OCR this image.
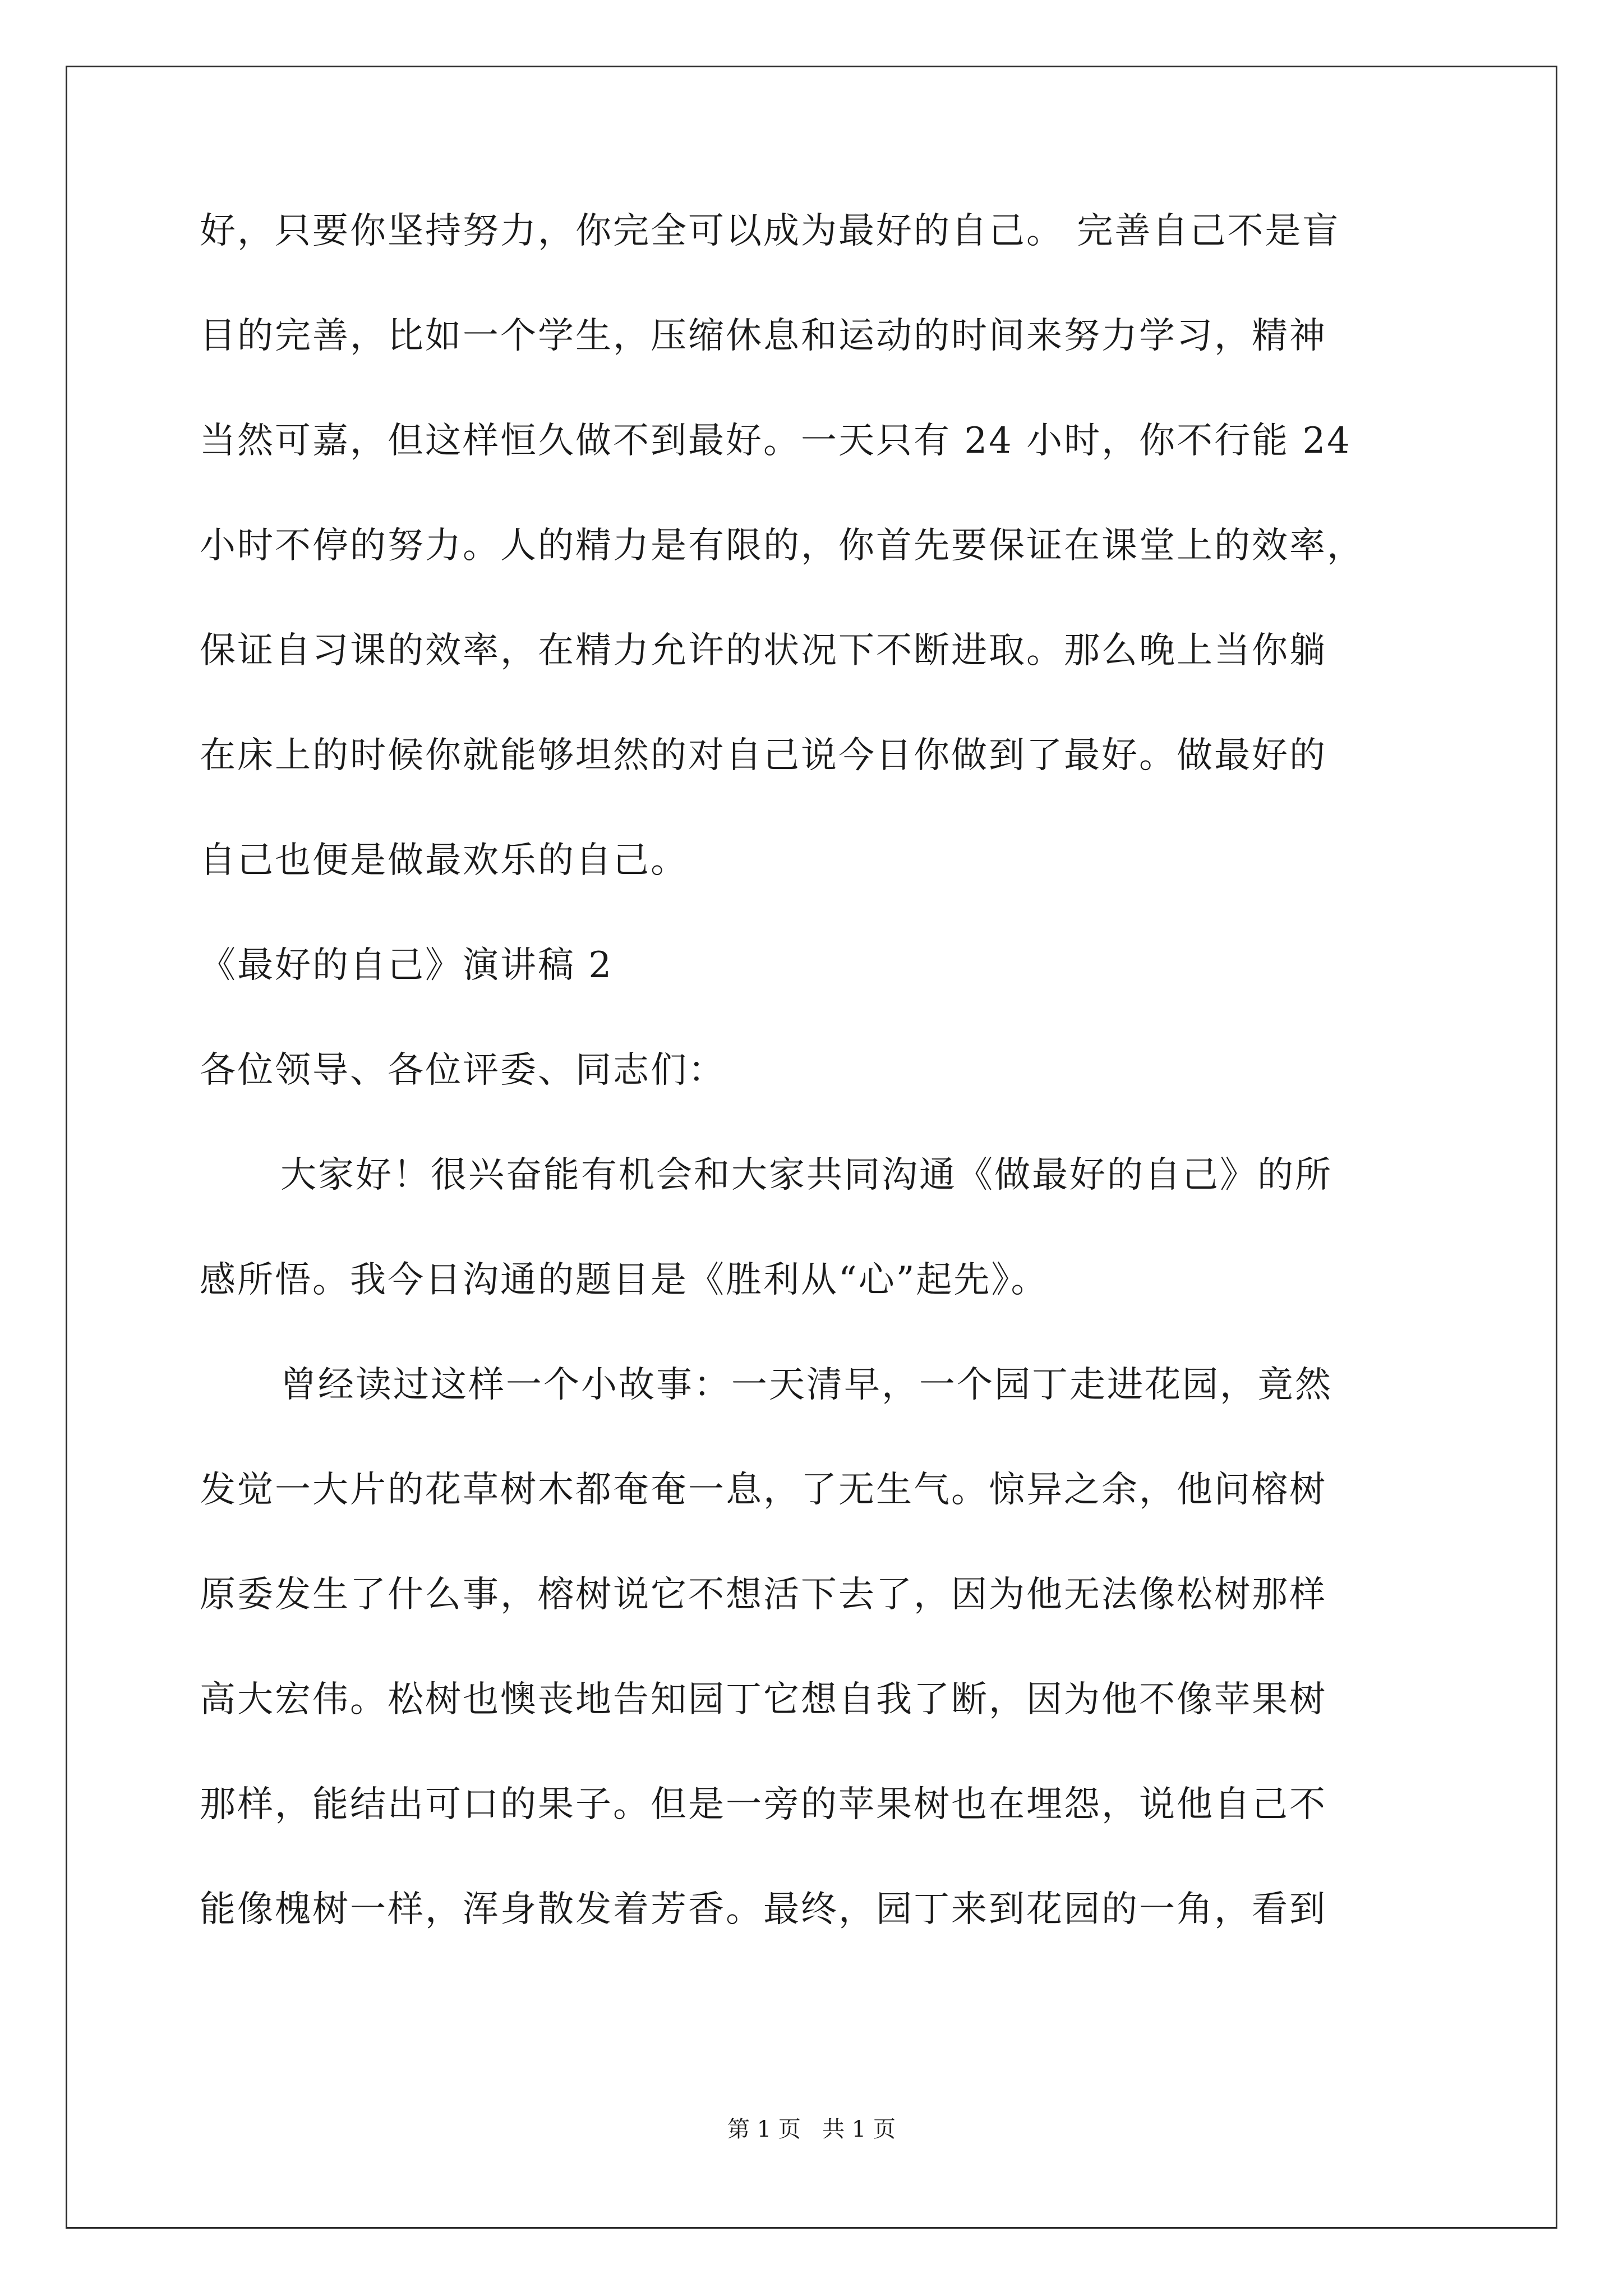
好，只要你坚持努力，你完全可以成为最好的自己。 完善自己不是盲
目的完善，比如一个学生，压缩休息和运动的时间来努力学习，精神
当然可嘉，但这样恒久做不到最好。一天只有 24 小时，你不行能 24
小时不停的努力。人的精力是有限的，你首先要保证在课堂上的效率，
保证自习课的效率，在精力允许的状况下不断进取。那么晚上当你躺
在床上的时候你就能够坦然的对自己说今日你做到了最好。做最好的
自己也便是做最欢乐的自己。
《最好的自己》演讲稿 2
各位领导、各位评委、同志们：
大家好！很兴奋能有机会和大家共同沟通《做最好的自己》的所
感所悟。我今日沟通的题目是《胜利从“心”起先》。
曾经读过这样一个小故事：一天清早，一个园丁走进花园，竟然
发觉一大片的花草树木都奄奄一息，了无生气。惊异之余，他问榕树
原委发生了什么事，榕树说它不想活下去了，因为他无法像松树那样
高大宏伟。松树也懊丧地告知园丁它想自我了断，因为他不像苹果树
那样，能结出可口的果子。但是一旁的苹果树也在埋怨，说他自己不
能像槐树一样，浑身散发着芳香。最终，园丁来到花园的一角，看到
第 1 页   共 1 页
